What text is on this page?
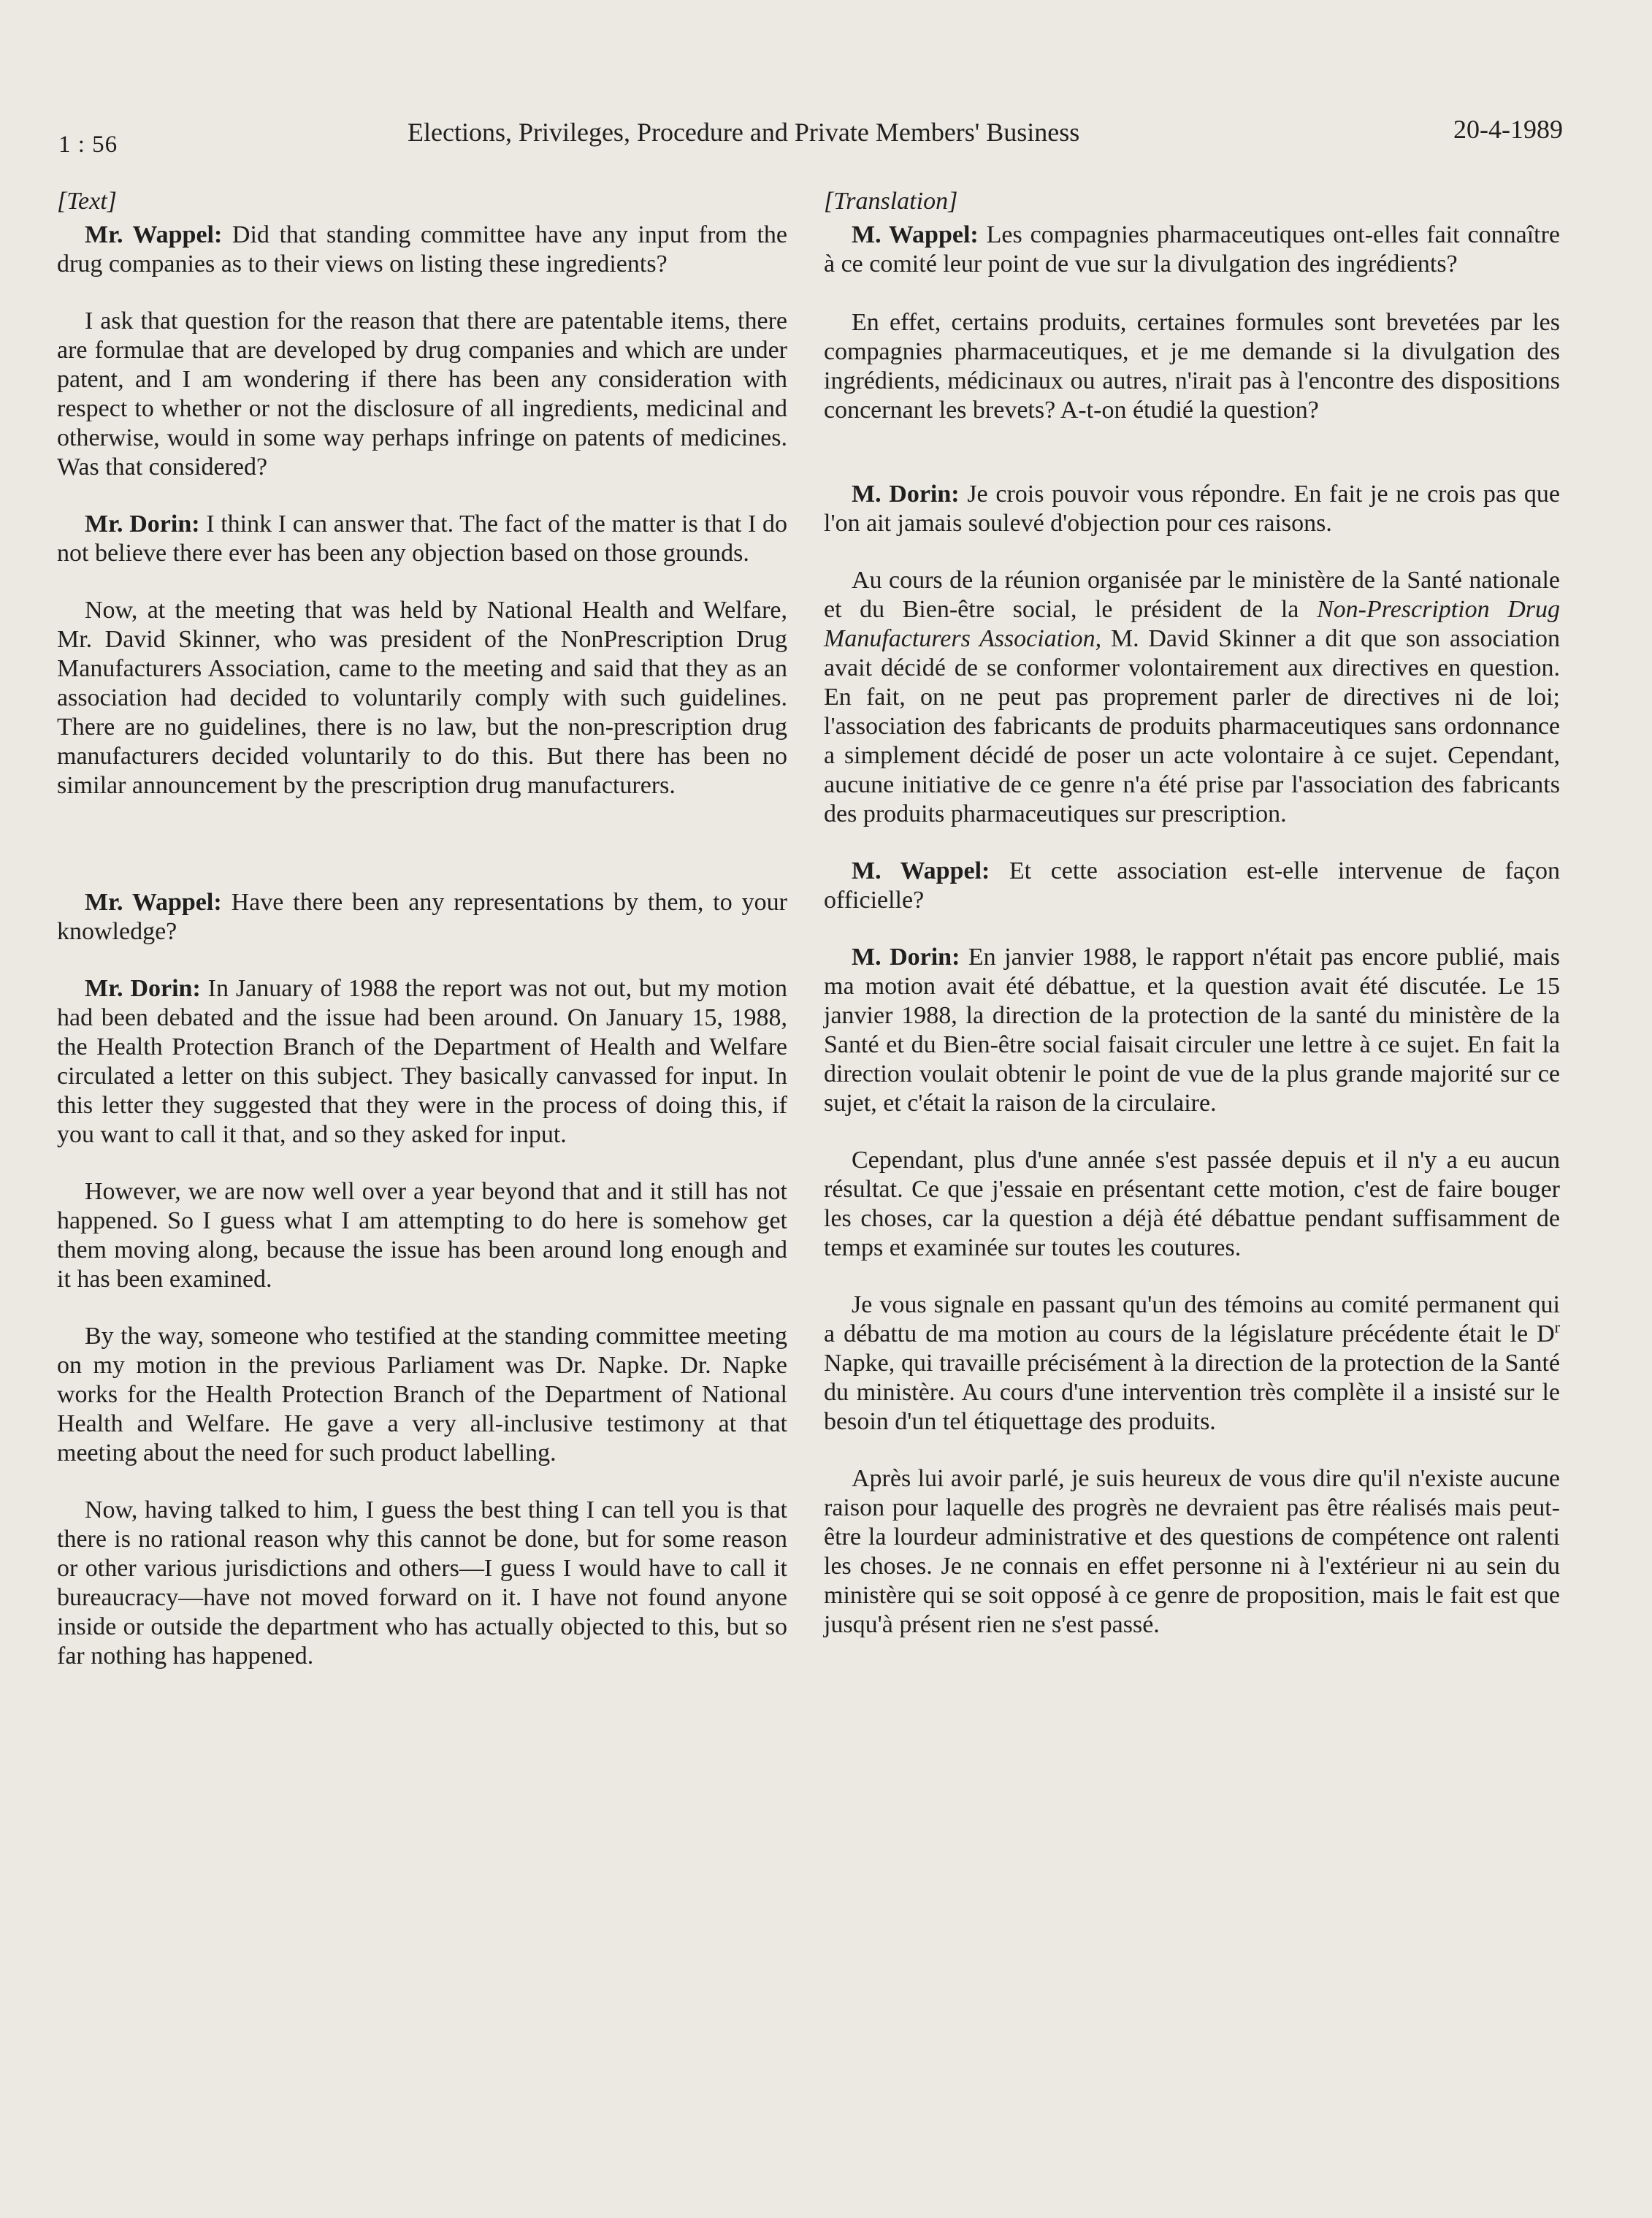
1 : 56	Elections, Privileges, Procedure and Private Members' Business	20-4-1989

[Text]

Mr. Wappel: Did that standing committee have any input from the drug companies as to their views on listing these ingredients?

I ask that question for the reason that there are patentable items, there are formulae that are developed by drug companies and which are under patent, and I am wondering if there has been any consideration with respect to whether or not the disclosure of all ingredients, medicinal and otherwise, would in some way perhaps infringe on patents of medicines. Was that considered?

Mr. Dorin: I think I can answer that. The fact of the matter is that I do not believe there ever has been any objection based on those grounds.

Now, at the meeting that was held by National Health and Welfare, Mr. David Skinner, who was president of the NonPrescription Drug Manufacturers Association, came to the meeting and said that they as an association had decided to voluntarily comply with such guidelines. There are no guidelines, there is no law, but the non-prescription drug manufacturers decided voluntarily to do this. But there has been no similar announcement by the prescription drug manufacturers.

Mr. Wappel: Have there been any representations by them, to your knowledge?

Mr. Dorin: In January of 1988 the report was not out, but my motion had been debated and the issue had been around. On January 15, 1988, the Health Protection Branch of the Department of Health and Welfare circulated a letter on this subject. They basically canvassed for input. In this letter they suggested that they were in the process of doing this, if you want to call it that, and so they asked for input.

However, we are now well over a year beyond that and it still has not happened. So I guess what I am attempting to do here is somehow get them moving along, because the issue has been around long enough and it has been examined.

By the way, someone who testified at the standing committee meeting on my motion in the previous Parliament was Dr. Napke. Dr. Napke works for the Health Protection Branch of the Department of National Health and Welfare. He gave a very all-inclusive testimony at that meeting about the need for such product labelling.

Now, having talked to him, I guess the best thing I can tell you is that there is no rational reason why this cannot be done, but for some reason or other various jurisdictions and others—I guess I would have to call it bureaucracy—have not moved forward on it. I have not found anyone inside or outside the department who has actually objected to this, but so far nothing has happened.

[Translation]

M. Wappel: Les compagnies pharmaceutiques ont-elles fait connaître à ce comité leur point de vue sur la divulgation des ingrédients?

En effet, certains produits, certaines formules sont brevetées par les compagnies pharmaceutiques, et je me demande si la divulgation des ingrédients, médicinaux ou autres, n'irait pas à l'encontre des dispositions concernant les brevets? A-t-on étudié la question?

M. Dorin: Je crois pouvoir vous répondre. En fait je ne crois pas que l'on ait jamais soulevé d'objection pour ces raisons.

Au cours de la réunion organisée par le ministère de la Santé nationale et du Bien-être social, le président de la Non-Prescription Drug Manufacturers Association, M. David Skinner a dit que son association avait décidé de se conformer volontairement aux directives en question. En fait, on ne peut pas proprement parler de directives ni de loi; l'association des fabricants de produits pharmaceutiques sans ordonnance a simplement décidé de poser un acte volontaire à ce sujet. Cependant, aucune initiative de ce genre n'a été prise par l'association des fabricants des produits pharmaceutiques sur prescription.

M. Wappel: Et cette association est-elle intervenue de façon officielle?

M. Dorin: En janvier 1988, le rapport n'était pas encore publié, mais ma motion avait été débattue, et la question avait été discutée. Le 15 janvier 1988, la direction de la protection de la santé du ministère de la Santé et du Bien-être social faisait circuler une lettre à ce sujet. En fait la direction voulait obtenir le point de vue de la plus grande majorité sur ce sujet, et c'était la raison de la circulaire.

Cependant, plus d'une année s'est passée depuis et il n'y a eu aucun résultat. Ce que j'essaie en présentant cette motion, c'est de faire bouger les choses, car la question a déjà été débattue pendant suffisamment de temps et examinée sur toutes les coutures.

Je vous signale en passant qu'un des témoins au comité permanent qui a débattu de ma motion au cours de la législature précédente était le $D^r$ Napke, qui travaille précisément à la direction de la protection de la Santé du ministère. Au cours d'une intervention très complète il a insisté sur le besoin d'un tel étiquettage des produits.

Après lui avoir parlé, je suis heureux de vous dire qu'il n'existe aucune raison pour laquelle des progrès ne devraient pas être réalisés mais peut-être la lourdeur administrative et des questions de compétence ont ralenti les choses. Je ne connais en effet personne ni à l'extérieur ni au sein du ministère qui se soit opposé à ce genre de proposition, mais le fait est que jusqu'à présent rien ne s'est passé.
